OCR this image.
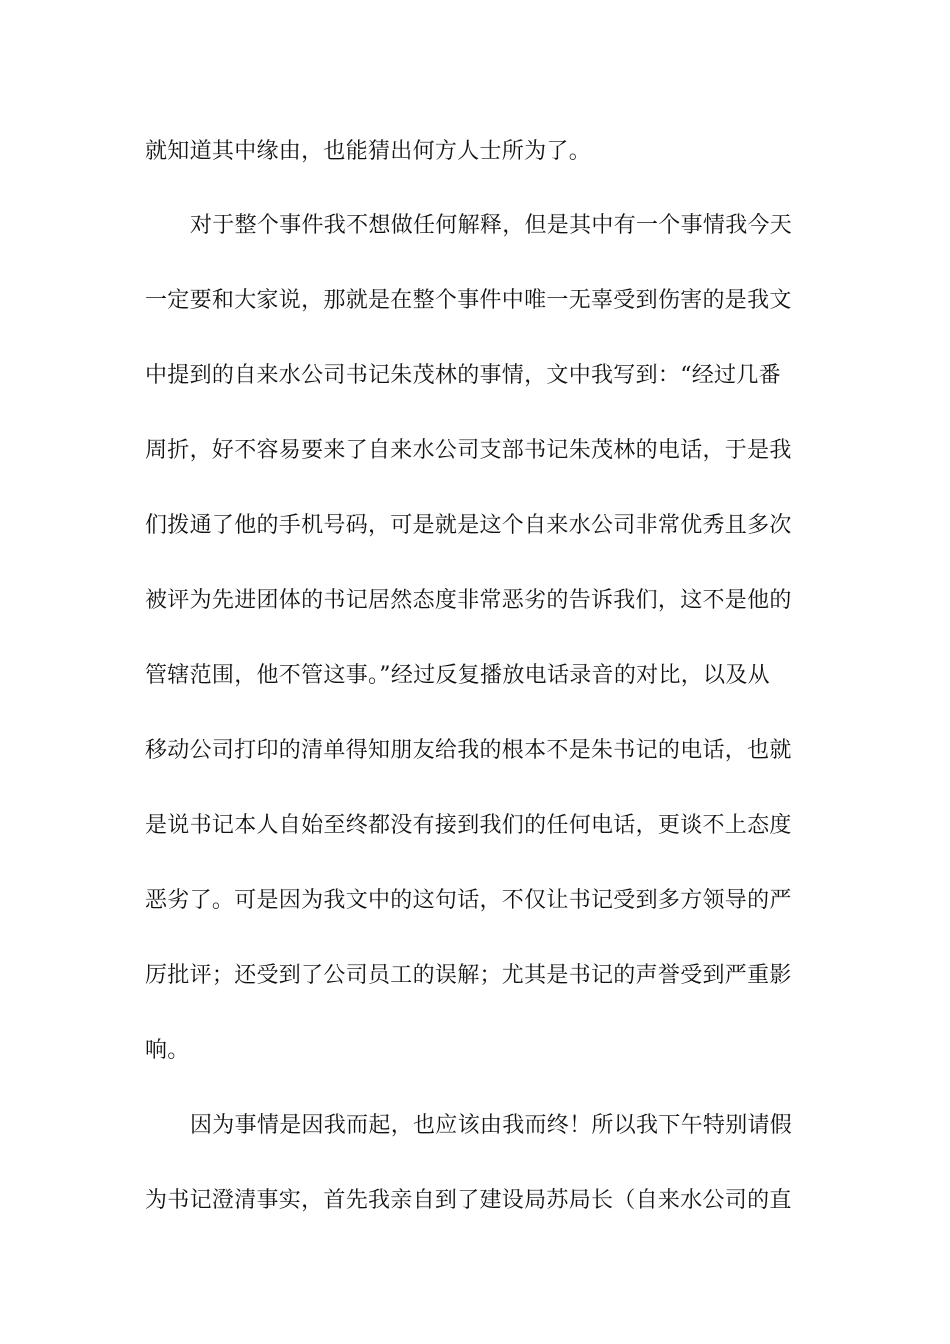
就知道其中缘由，也能猜出何方人士所为了。
对于整个事件我不想做任何解释，但是其中有一个事情我今天
一定要和大家说，那就是在整个事件中唯一无辜受到伤害的是我文
中提到的自来水公司书记朱茂林的事情，文中我写到：“经过几番
周折，好不容易要来了自来水公司支部书记朱茂林的电话，于是我
们拨通了他的手机号码，可是就是这个自来水公司非常优秀且多次
被评为先进团体的书记居然态度非常恶劣的告诉我们，这不是他的
管辖范围，他不管这事。”经过反复播放电话录音的对比，以及从
移动公司打印的清单得知朋友给我的根本不是朱书记的电话，也就
是说书记本人自始至终都没有接到我们的任何电话，更谈不上态度
恶劣了。可是因为我文中的这句话，不仅让书记受到多方领导的严
厉批评；还受到了公司员工的误解；尤其是书记的声誉受到严重影
响。
因为事情是因我而起，也应该由我而终！所以我下午特别请假
为书记澄清事实，首先我亲自到了建设局苏局长（自来水公司的直
